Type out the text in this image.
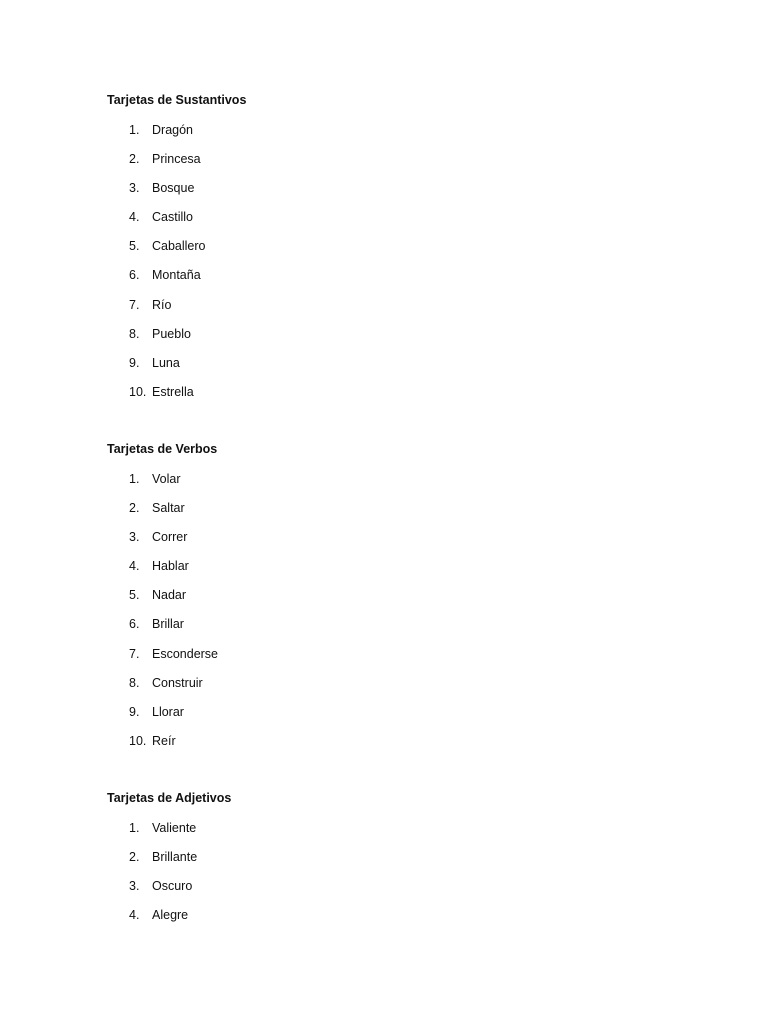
Tarjetas de Sustantivos
1.	Dragón
2.	Princesa
3.	Bosque
4.	Castillo
5.	Caballero
6.	Montaña
7.	Río
8.	Pueblo
9.	Luna
10. Estrella
Tarjetas de Verbos
1.	Volar
2.	Saltar
3.	Correr
4.	Hablar
5.	Nadar
6.	Brillar
7.	Esconderse
8.	Construir
9.	Llorar
10. Reír
Tarjetas de Adjetivos
1.	Valiente
2.	Brillante
3.	Oscuro
4.	Alegre
